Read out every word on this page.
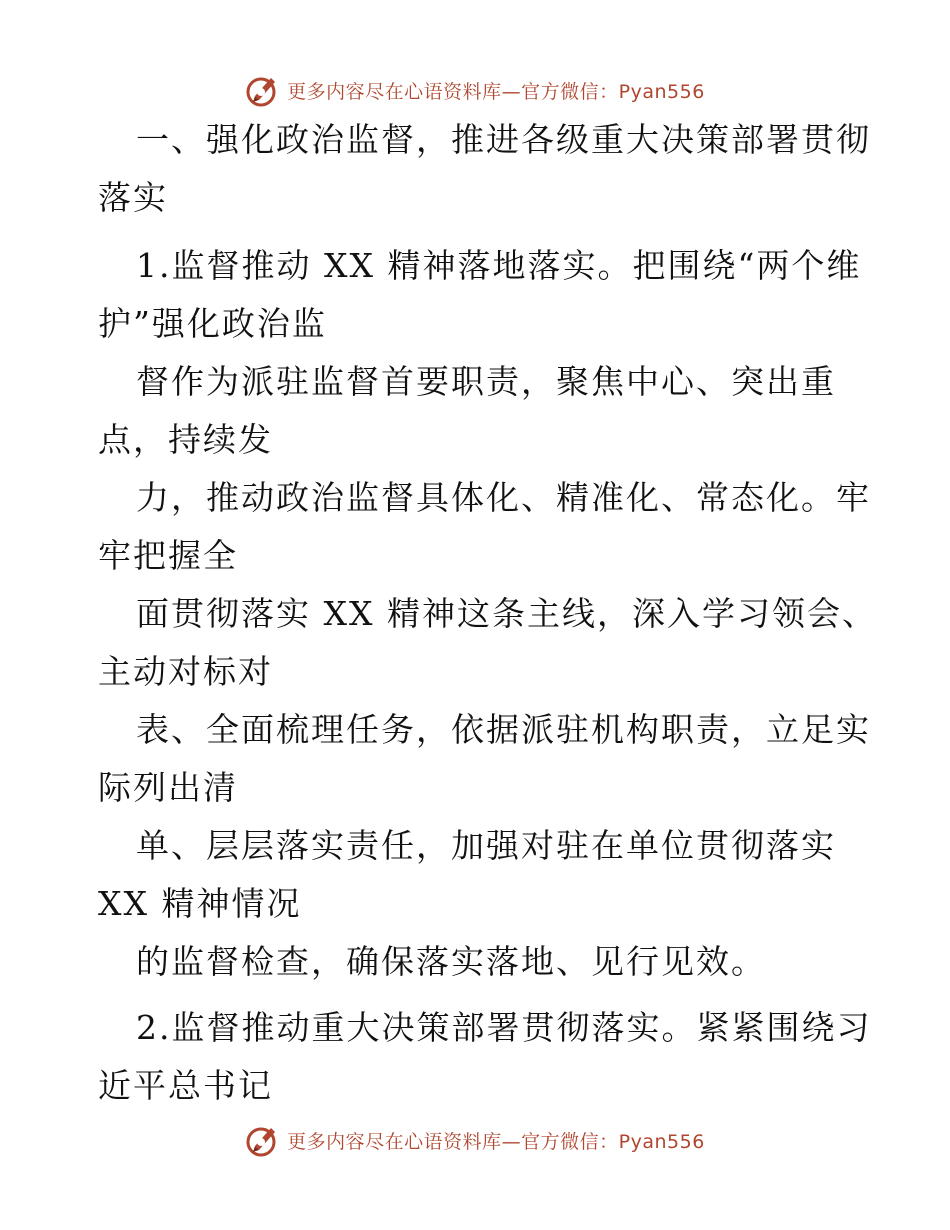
更多内容尽在心语资料库—官方微信：Pyan556
一、强化政治监督，推进各级重大决策部署贯彻
落实
1.监督推动 XX 精神落地落实。把围绕“两个维
护”强化政治监
督作为派驻监督首要职责，聚焦中心、突出重
点，持续发
力，推动政治监督具体化、精准化、常态化。牢
牢把握全
面贯彻落实 XX 精神这条主线，深入学习领会、
主动对标对
表、全面梳理任务，依据派驻机构职责，立足实
际列出清
单、层层落实责任，加强对驻在单位贯彻落实
XX 精神情况
的监督检查，确保落实落地、见行见效。
2.监督推动重大决策部署贯彻落实。紧紧围绕习
近平总书记
更多内容尽在心语资料库—官方微信：Pyan556
